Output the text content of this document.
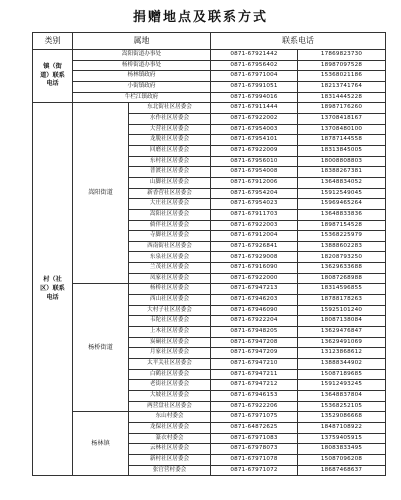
捐赠地点及联系方式
类别	属地		联系电话	
镇（街道）联系电话	嵩阳街道办事处		0871-67921442	17869823730
	杨桥街道办事处		0871-67956402	18987097528
	杨林镇政府		0871-67971004	15368021186
	小街镇政府		0871-67991051	18213741764
	牛栏江镇政府		0871-67994016	18314445228
村（社区）联系电话	嵩阳街道	东北街社区居委会	0871-67911444	18987176260
		水作社区居委会	0871-67922002	13708418167
		大营社区居委会	0871-67954003	13708480100
		龙脱社区居委会	0871-67954101	18787144558
		回磨社区居委会	0871-67922009	18313845005
		东村社区居委会	0871-67956010	18008808803
		普渡社区居委会	0871-67954008	18388267381
		山脚社区居委会	0871-67912006	13648834052
		新香营社区居委会	0871-67954204	15912549045
		大庄社区居委会	0871-67954023	15969465264
		嵩阳社区居委会	0871-67911703	13648833836
		倘伴社区居委会	0871-67922003	18987154528
		寺脚社区居委会	0871-67912004	15368225979
		西南街社区居委会	0871-67926841	13888602283
		东泉社区居委会	0871-67929008	18208793250
		兰茂社区居委会	0871-67916090	13629633688
		凤家社区居委会	0871-67922000	18087268988
	杨桥街道	杨桥社区居委会	0871-67947213	18314596855
		西山社区居委会	0871-67946203	18788178263
		大村子社区居委会	0871-67946090	15925101240
		韦陀社区居委会	0871-67922204	18087138084
		上木社区居委会	0871-67948205	13629476847
		炭硐社区居委会	0871-67947208	13629491069
		月家社区居委会	0871-67947209	13123868612
		太平关社区居委会	0871-67947210	13888344902
		白鹤社区居委会	0871-67947211	15087189685
		老街社区居委会	0871-67947212	15912493245
		大坡社区居委会	0871-67946153	13648837804
		两营盘社区居委会	0871-67922206	15368252105
	杨林镇	东山村委会	0871-67971075	13529086668
		龙保社区居委会	0871-64872625	18487108922
		篆衣村委会	0871-67971083	13759405915
		云林社区居委会	0871-67978073	18083833495
		新村社区居委会	0871-67971078	15087096208
		张官营村委会	0871-67971072	18687468637
